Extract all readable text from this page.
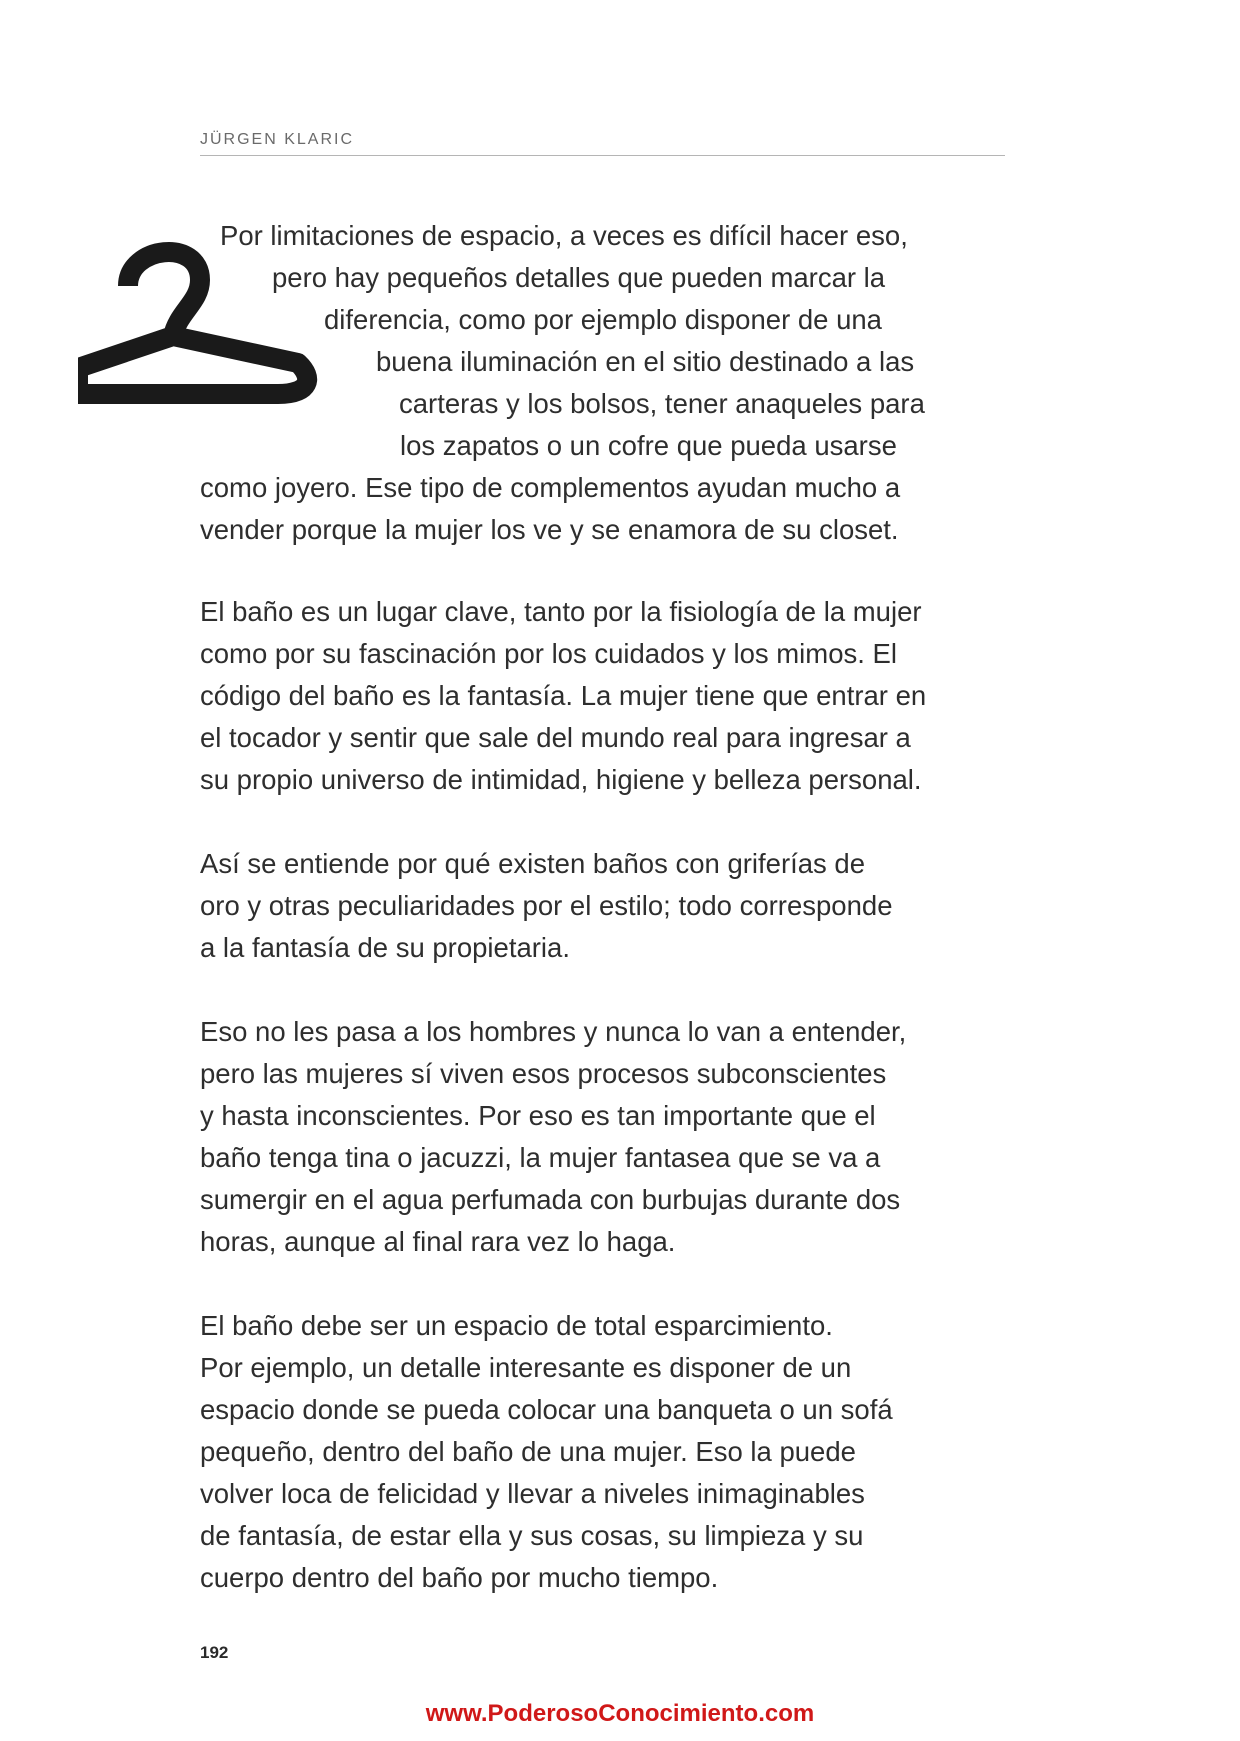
JÜRGEN KLARIC
Por limitaciones de espacio, a veces es difícil hacer eso,
pero hay pequeños detalles que pueden marcar la
diferencia, como por ejemplo disponer de una
buena iluminación en el sitio destinado a las
carteras y los bolsos, tener anaqueles para
los zapatos o un cofre que pueda usarse
como joyero. Ese tipo de complementos ayudan mucho a
vender porque la mujer los ve y se enamora de su closet.
El baño es un lugar clave, tanto por la fisiología de la mujer
como por su fascinación por los cuidados y los mimos. El
código del baño es la fantasía. La mujer tiene que entrar en
el tocador y sentir que sale del mundo real para ingresar a
su propio universo de intimidad, higiene y belleza personal.
Así se entiende por qué existen baños con griferías de
oro y otras peculiaridades por el estilo; todo corresponde
a la fantasía de su propietaria.
Eso no les pasa a los hombres y nunca lo van a entender,
pero las mujeres sí viven esos procesos subconscientes
y hasta inconscientes. Por eso es tan importante que el
baño tenga tina o jacuzzi, la mujer fantasea que se va a
sumergir en el agua perfumada con burbujas durante dos
horas, aunque al final rara vez lo haga.
El baño debe ser un espacio de total esparcimiento.
Por ejemplo, un detalle interesante es disponer de un
espacio donde se pueda colocar una banqueta o un sofá
pequeño, dentro del baño de una mujer. Eso la puede
volver loca de felicidad y llevar a niveles inimaginables
de fantasía, de estar ella y sus cosas, su limpieza y su
cuerpo dentro del baño por mucho tiempo.
192
www.PoderosoConocimiento.com
